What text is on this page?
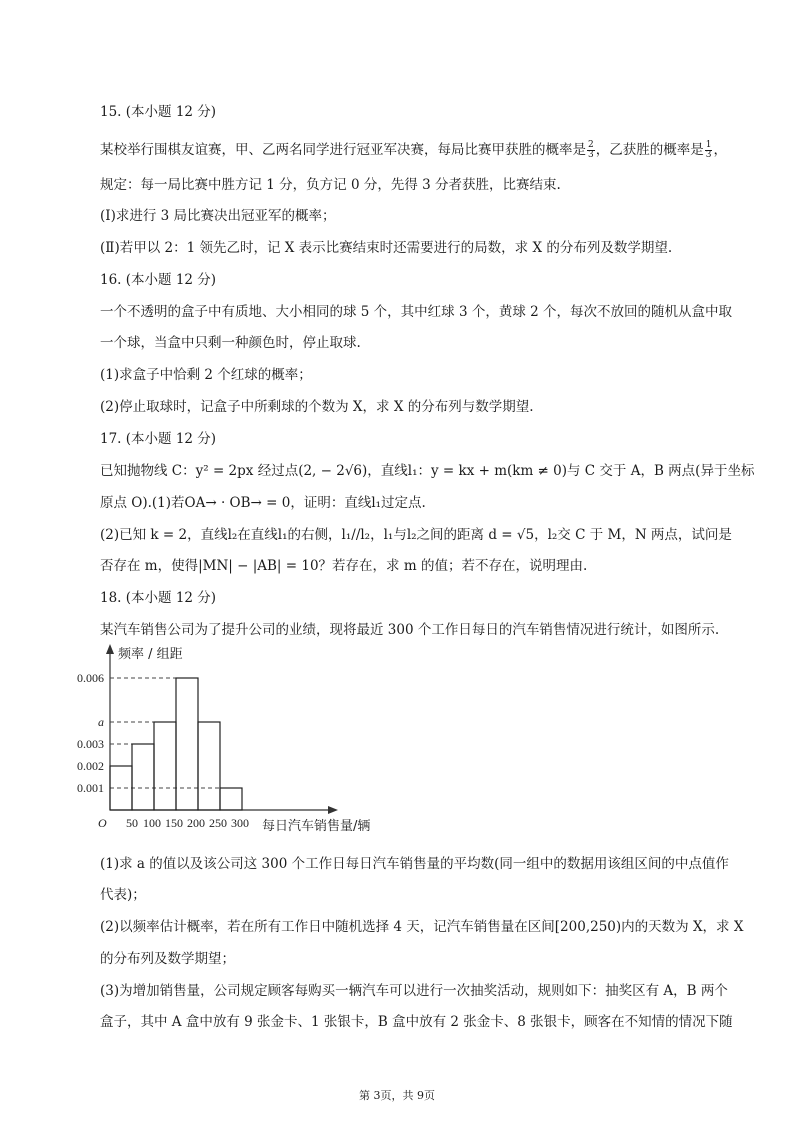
15. (本小题 12 分)
某校举行围棋友谊赛，甲、乙两名同学进行冠亚军决赛，每局比赛甲获胜的概率是 $\frac{2}{3}$ ，乙获胜的概率是 $\frac{1}{3}$ ，
规定：每一局比赛中胜方记 1 分，负方记 0 分，先得 3 分者获胜，比赛结束.
(Ⅰ)求进行 3 局比赛决出冠亚军的概率；
(Ⅱ)若甲以 2：1 领先乙时，记 X 表示比赛结束时还需要进行的局数，求 X 的分布列及数学期望.
16. (本小题 12 分)
一个不透明的盒子中有质地、大小相同的球 5 个，其中红球 3 个，黄球 2 个，每次不放回的随机从盒中取
一个球，当盒中只剩一种颜色时，停止取球.
(1)求盒子中恰剩 2 个红球的概率；
(2)停止取球时，记盒子中所剩球的个数为 X，求 X 的分布列与数学期望.
17. (本小题 12 分)
已知抛物线 C：y² = 2px 经过点(2, − 2√6)，直线l₁：y = kx + m(km ≠ 0)与 C 交于 A，B 两点(异于坐标
原点 O).(1)若OA→ · OB→ = 0，证明：直线l₁过定点.
(2)已知 k = 2，直线l₂在直线l₁的右侧，l₁//l₂，l₁与l₂之间的距离 d = √5，l₂交 C 于 M，N 两点，试问是
否存在 m，使得|MN| − |AB| = 10？若存在，求 m 的值；若不存在，说明理由.
18. (本小题 12 分)
某汽车销售公司为了提升公司的业绩，现将最近 300 个工作日每日的汽车销售情况进行统计，如图所示.
0.001
0.002
0.003
a
0.006
50 100 150 200 250 300
O
频率 / 组距
每日汽车销售量/辆
(1)求 a 的值以及该公司这 300 个工作日每日汽车销售量的平均数(同一组中的数据用该组区间的中点值作
代表)；
(2)以频率估计概率，若在所有工作日中随机选择 4 天，记汽车销售量在区间[200,250)内的天数为 X，求 X
的分布列及数学期望；
(3)为增加销售量，公司规定顾客每购买一辆汽车可以进行一次抽奖活动，规则如下：抽奖区有 A，B 两个
盒子，其中 A 盒中放有 9 张金卡、1 张银卡，B 盒中放有 2 张金卡、8 张银卡，顾客在不知情的情况下随
第 3页，共 9页
